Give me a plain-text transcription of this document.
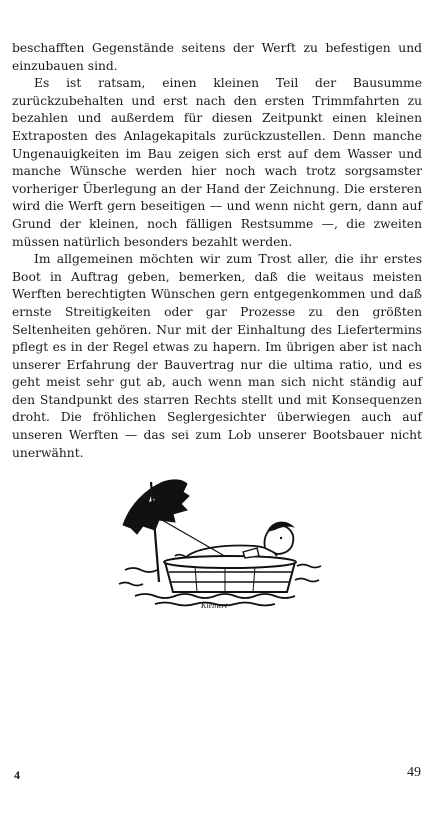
beschafften Gegenstände seitens der Werft zu befestigen und einzubauen sind.

Es ist ratsam, einen kleinen Teil der Bausumme zurückzubehalten und erst nach den ersten Trimmfahrten zu bezahlen und außerdem für diesen Zeitpunkt einen kleinen Extraposten des Anlagekapitals zurückzustellen. Denn manche Ungenauigkeiten im Bau zeigen sich erst auf dem Wasser und manche Wünsche werden hier noch wach trotz sorgsamster vorheriger Überlegung an der Hand der Zeichnung. Die ersteren wird die Werft gern beseitigen — und wenn nicht gern, dann auf Grund der kleinen, noch fälligen Restsumme —, die zweiten müssen natürlich besonders bezahlt werden.

Im allgemeinen möchten wir zum Trost aller, die ihr erstes Boot in Auftrag geben, bemerken, daß die weitaus meisten Werften berechtigten Wünschen gern entgegenkommen und daß ernste Streitigkeiten oder gar Prozesse zu den größten Seltenheiten gehören. Nur mit der Einhaltung des Liefertermins pflegt es in der Regel etwas zu hapern. Im übrigen aber ist nach unserer Erfahrung der Bauvertrag nur die ultima ratio, und es geht meist sehr gut ab, auch wenn man sich nicht ständig auf den Standpunkt des starren Rechts stellt und mit Konsequenzen droht. Die fröhlichen Seglergesichter überwiegen auch auf unseren Werften — das sei zum Lob unserer Bootsbauer nicht unerwähnt.

Kleinert
4	49
